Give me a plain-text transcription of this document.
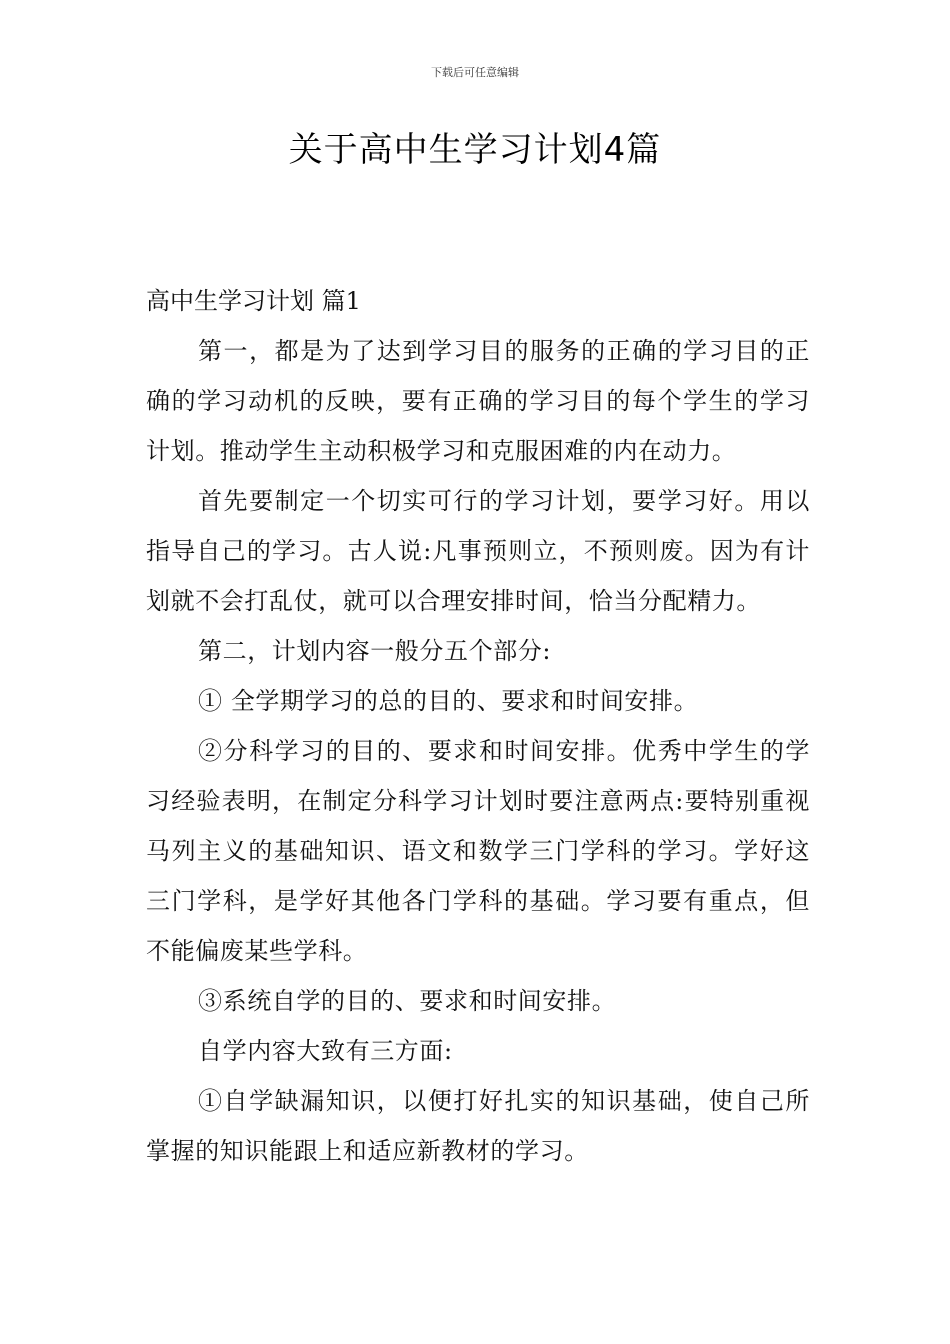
下载后可任意编辑
关于高中生学习计划4篇
高中生学习计划 篇1

第一，都是为了达到学习目的服务的正确的学习目的正确的学习动机的反映，要有正确的学习目的每个学生的学习计划。推动学生主动积极学习和克服困难的内在动力。

首先要制定一个切实可行的学习计划，要学习好。用以指导自己的学习。古人说:凡事预则立，不预则废。因为有计划就不会打乱仗，就可以合理安排时间，恰当分配精力。

第二，计划内容一般分五个部分:

① 全学期学习的总的目的、要求和时间安排。

②分科学习的目的、要求和时间安排。优秀中学生的学习经验表明，在制定分科学习计划时要注意两点:要特别重视马列主义的基础知识、语文和数学三门学科的学习。学好这三门学科，是学好其他各门学科的基础。学习要有重点，但不能偏废某些学科。

③系统自学的目的、要求和时间安排。

自学内容大致有三方面:

①自学缺漏知识，以便打好扎实的知识基础，使自己所掌握的知识能跟上和适应新教材的学习。
